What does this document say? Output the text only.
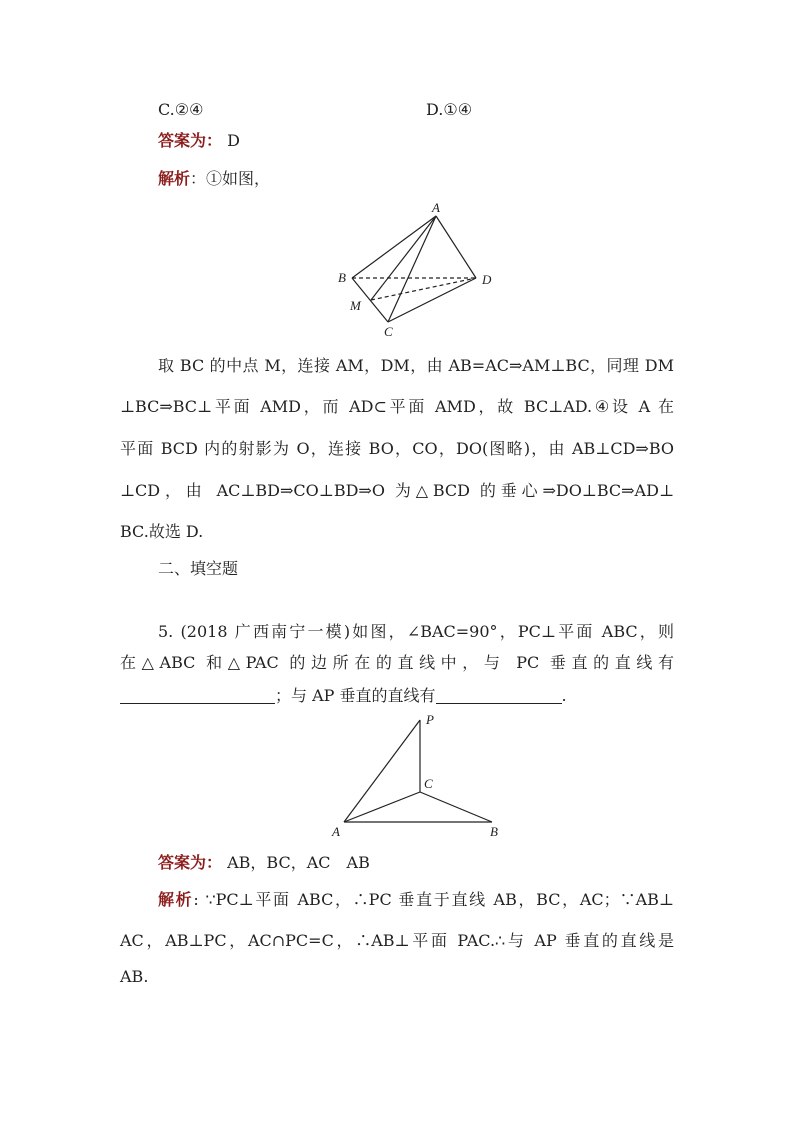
C.②④	D.①④
答案为： D
解析：①如图，
A
B	D
M
C
取 BC 的中点 M，连接 AM，DM，由 AB=AC⇒AM⊥BC，同理 DM
⊥BC⇒BC⊥平面 AMD，而 AD⊂平面 AMD，故 BC⊥AD.④设 A 在
平面 BCD 内的射影为 O，连接 BO，CO，DO(图略)，由 AB⊥CD⇒BO
⊥CD，由 AC⊥BD⇒CO⊥BD⇒O 为△BCD 的垂心⇒DO⊥BC⇒AD⊥
BC.故选 D.
二、填空题
5. (2018 广西南宁一模)如图，∠BAC=90°，PC⊥平面 ABC，则
在△ABC 和△PAC 的边所在的直线中，与 PC 垂直的直线有
；与 AP 垂直的直线有	.
P
C
A	B
答案为： AB，BC，AC　AB
解析: ∵PC⊥平面 ABC，∴PC 垂直于直线 AB，BC，AC；∵AB⊥
AC，AB⊥PC，AC∩PC=C，∴AB⊥平面 PAC.∴与 AP 垂直的直线是
AB.
